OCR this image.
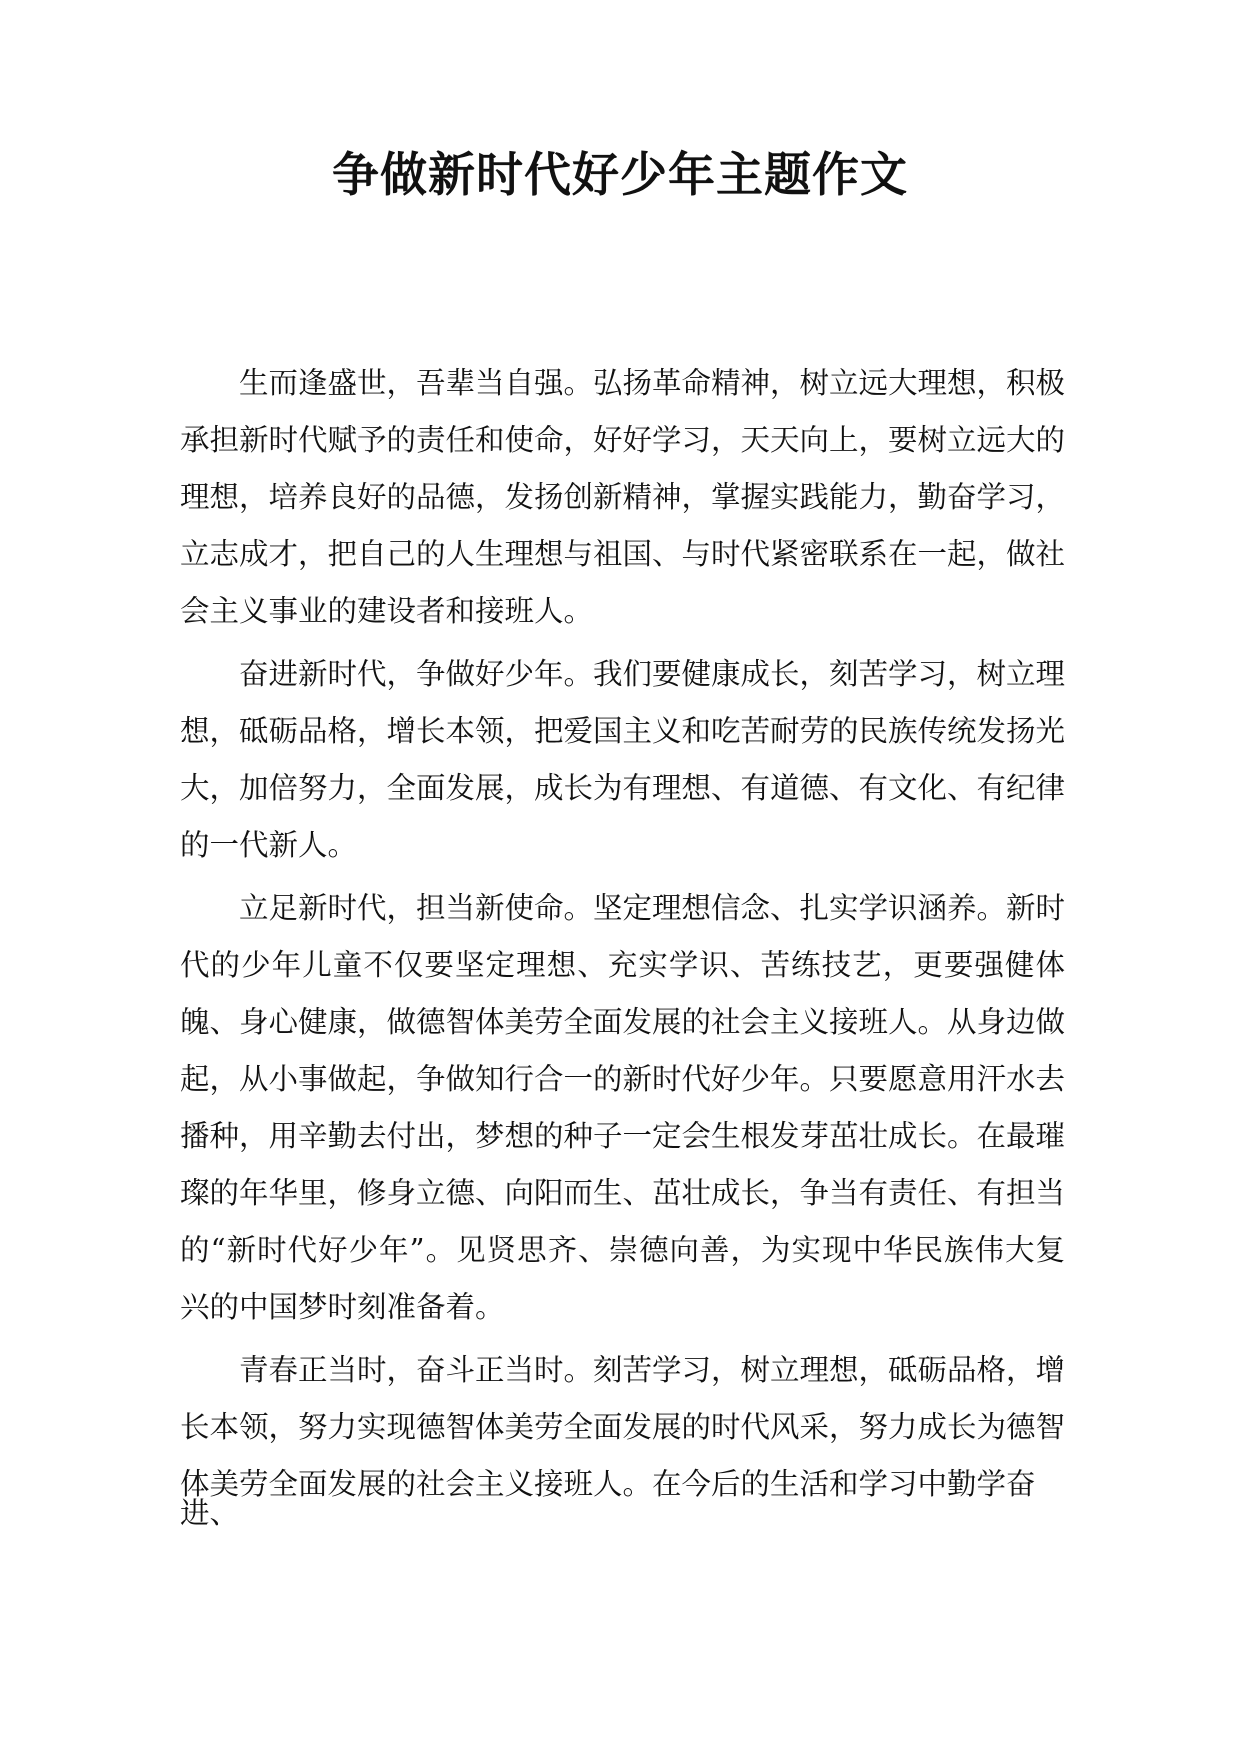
争做新时代好少年主题作文

生而逢盛世，吾辈当自强。弘扬革命精神，树立远大理想，积极承担新时代赋予的责任和使命，好好学习，天天向上，要树立远大的理想，培养良好的品德，发扬创新精神，掌握实践能力，勤奋学习，立志成才，把自己的人生理想与祖国、与时代紧密联系在一起，做社会主义事业的建设者和接班人。

奋进新时代，争做好少年。我们要健康成长，刻苦学习，树立理想，砥砺品格，增长本领，把爱国主义和吃苦耐劳的民族传统发扬光大，加倍努力，全面发展，成长为有理想、有道德、有文化、有纪律的一代新人。

立足新时代，担当新使命。坚定理想信念、扎实学识涵养。新时代的少年儿童不仅要坚定理想、充实学识、苦练技艺，更要强健体魄、身心健康，做德智体美劳全面发展的社会主义接班人。从身边做起，从小事做起，争做知行合一的新时代好少年。只要愿意用汗水去播种，用辛勤去付出，梦想的种子一定会生根发芽茁壮成长。在最璀璨的年华里，修身立德、向阳而生、茁壮成长，争当有责任、有担当的“新时代好少年”。见贤思齐、崇德向善，为实现中华民族伟大复兴的中国梦时刻准备着。

青春正当时，奋斗正当时。刻苦学习，树立理想，砥砺品格，增长本领，努力实现德智体美劳全面发展的时代风采，努力成长为德智体美劳全面发展的社会主义接班人。在今后的生活和学习中勤学奋

进、
